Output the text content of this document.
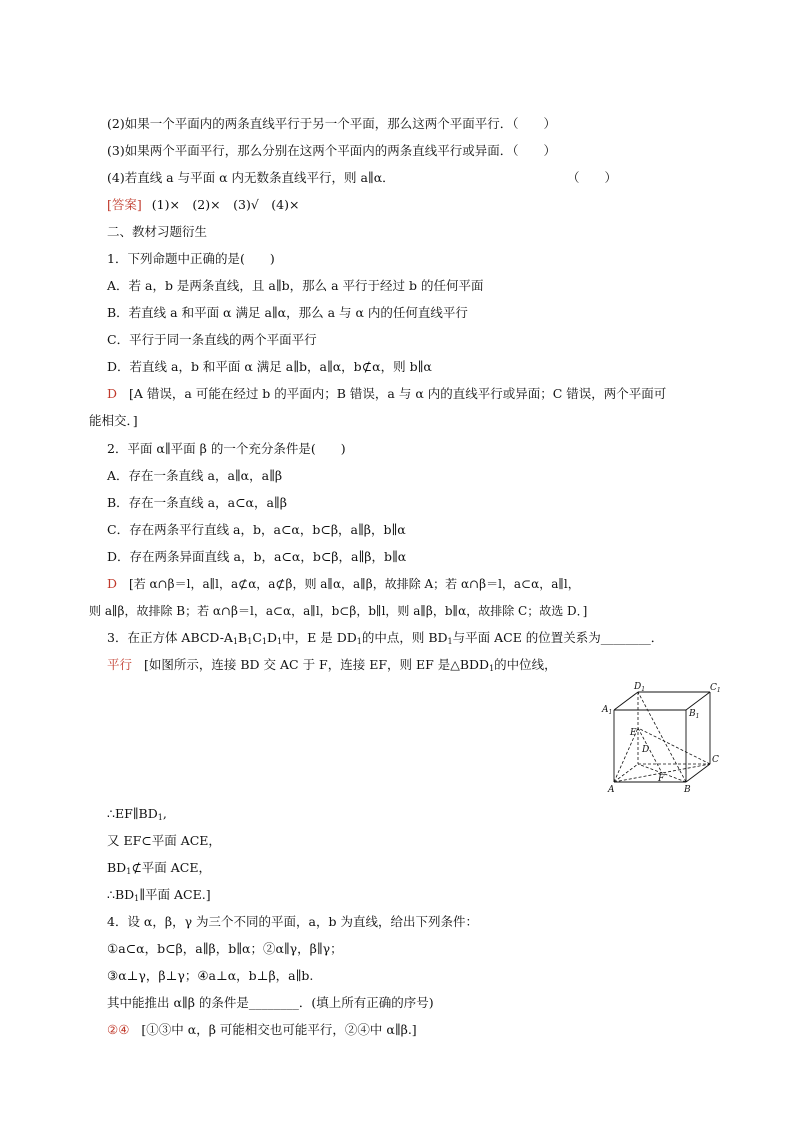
(2)如果一个平面内的两条直线平行于另一个平面，那么这两个平面平行．（　　）
(3)如果两个平面平行，那么分别在这两个平面内的两条直线平行或异面．（　　）
(4)若直线 a 与平面 α 内无数条直线平行，则 a∥α．	（　　）
[答案] (1)×　(2)×　(3)√　(4)×
二、教材习题衍生
1．下列命题中正确的是(　　)
A．若 a，b 是两条直线，且 a∥b，那么 a 平行于经过 b 的任何平面
B．若直线 a 和平面 α 满足 a∥α，那么 a 与 α 内的任何直线平行
C．平行于同一条直线的两个平面平行
D．若直线 a，b 和平面 α 满足 a∥b，a∥α，b⊄α，则 b∥α
D [A 错误，a 可能在经过 b 的平面内；B 错误，a 与 α 内的直线平行或异面；C 错误，两个平面可
能相交．]
2．平面 α∥平面 β 的一个充分条件是(　　)
A．存在一条直线 a，a∥α，a∥β
B．存在一条直线 a，a⊂α，a∥β
C．存在两条平行直线 a，b，a⊂α，b⊂β，a∥β，b∥α
D．存在两条异面直线 a，b，a⊂α，b⊂β，a∥β，b∥α
D [若 α∩β＝l，a∥l，a⊄α，a⊄β，则 a∥α，a∥β，故排除 A；若 α∩β＝l，a⊂α，a∥l，
则 a∥β，故排除 B；若 α∩β＝l，a⊂α，a∥l，b⊂β，b∥l，则 a∥β，b∥α，故排除 C；故选 D．]
3．在正方体 ABCD-$A_1B_1C_1D_1$中，E 是 $DD_1$的中点，则 $BD_1$与平面 ACE 的位置关系为________．
平行 [如图所示，连接 BD 交 AC 于 F，连接 EF，则 EF 是$\triangle BDD_1$的中位线，
$D_1$	$C_1$
$A_1$	$B_1$
E
D
C
F
A	B
$\therefore EF\parallel BD_1$,
又 EF⊂平面 ACE，
$BD_1⊄$平面 ACE，
$\therefore BD_1\parallel$平面 ACE.]
4．设 α，β，γ 为三个不同的平面，a，b 为直线，给出下列条件：
①a⊂α，b⊂β，a∥β，b∥α；②α∥γ，β∥γ；
③α⊥γ，β⊥γ；④a⊥α，b⊥β，a∥b.
其中能推出 α∥β 的条件是________．(填上所有正确的序号)
②④ [①③中 α，β 可能相交也可能平行，②④中 α∥β.]
